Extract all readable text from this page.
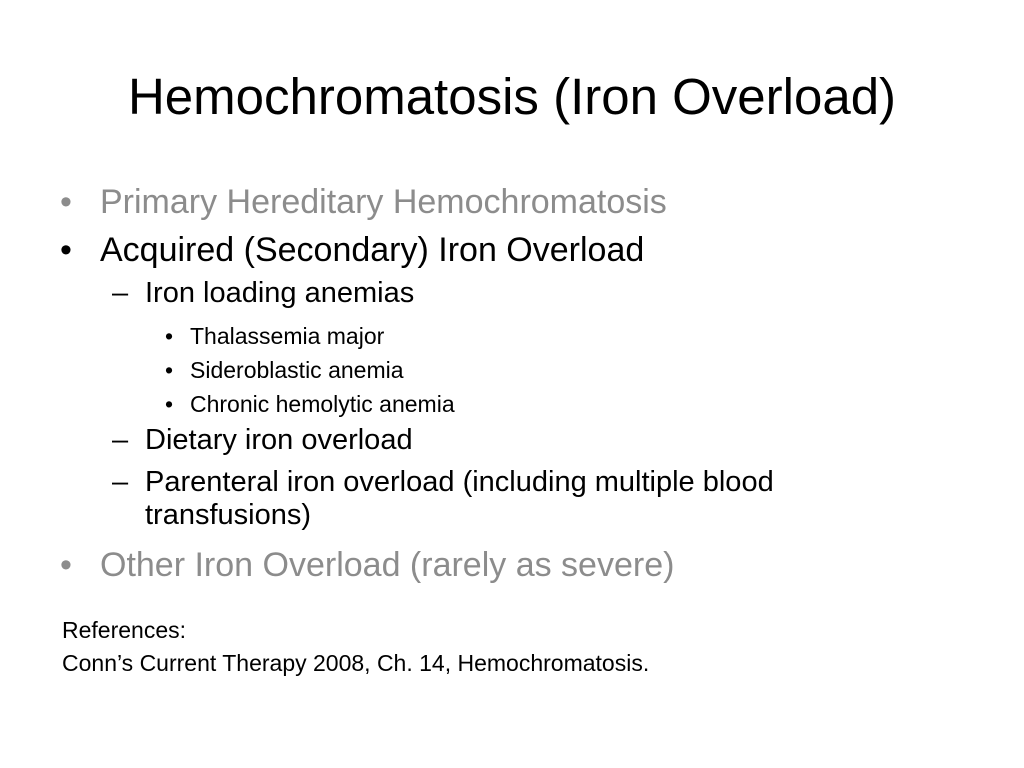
Hemochromatosis (Iron Overload)
• Primary Hereditary Hemochromatosis
• Acquired (Secondary) Iron Overload
– Iron loading anemias
• Thalassemia major
• Sideroblastic anemia
• Chronic hemolytic anemia
– Dietary iron overload
– Parenteral iron overload (including multiple blood transfusions)
• Other Iron Overload (rarely as severe)
References:
Conn’s Current Therapy 2008, Ch. 14, Hemochromatosis.
